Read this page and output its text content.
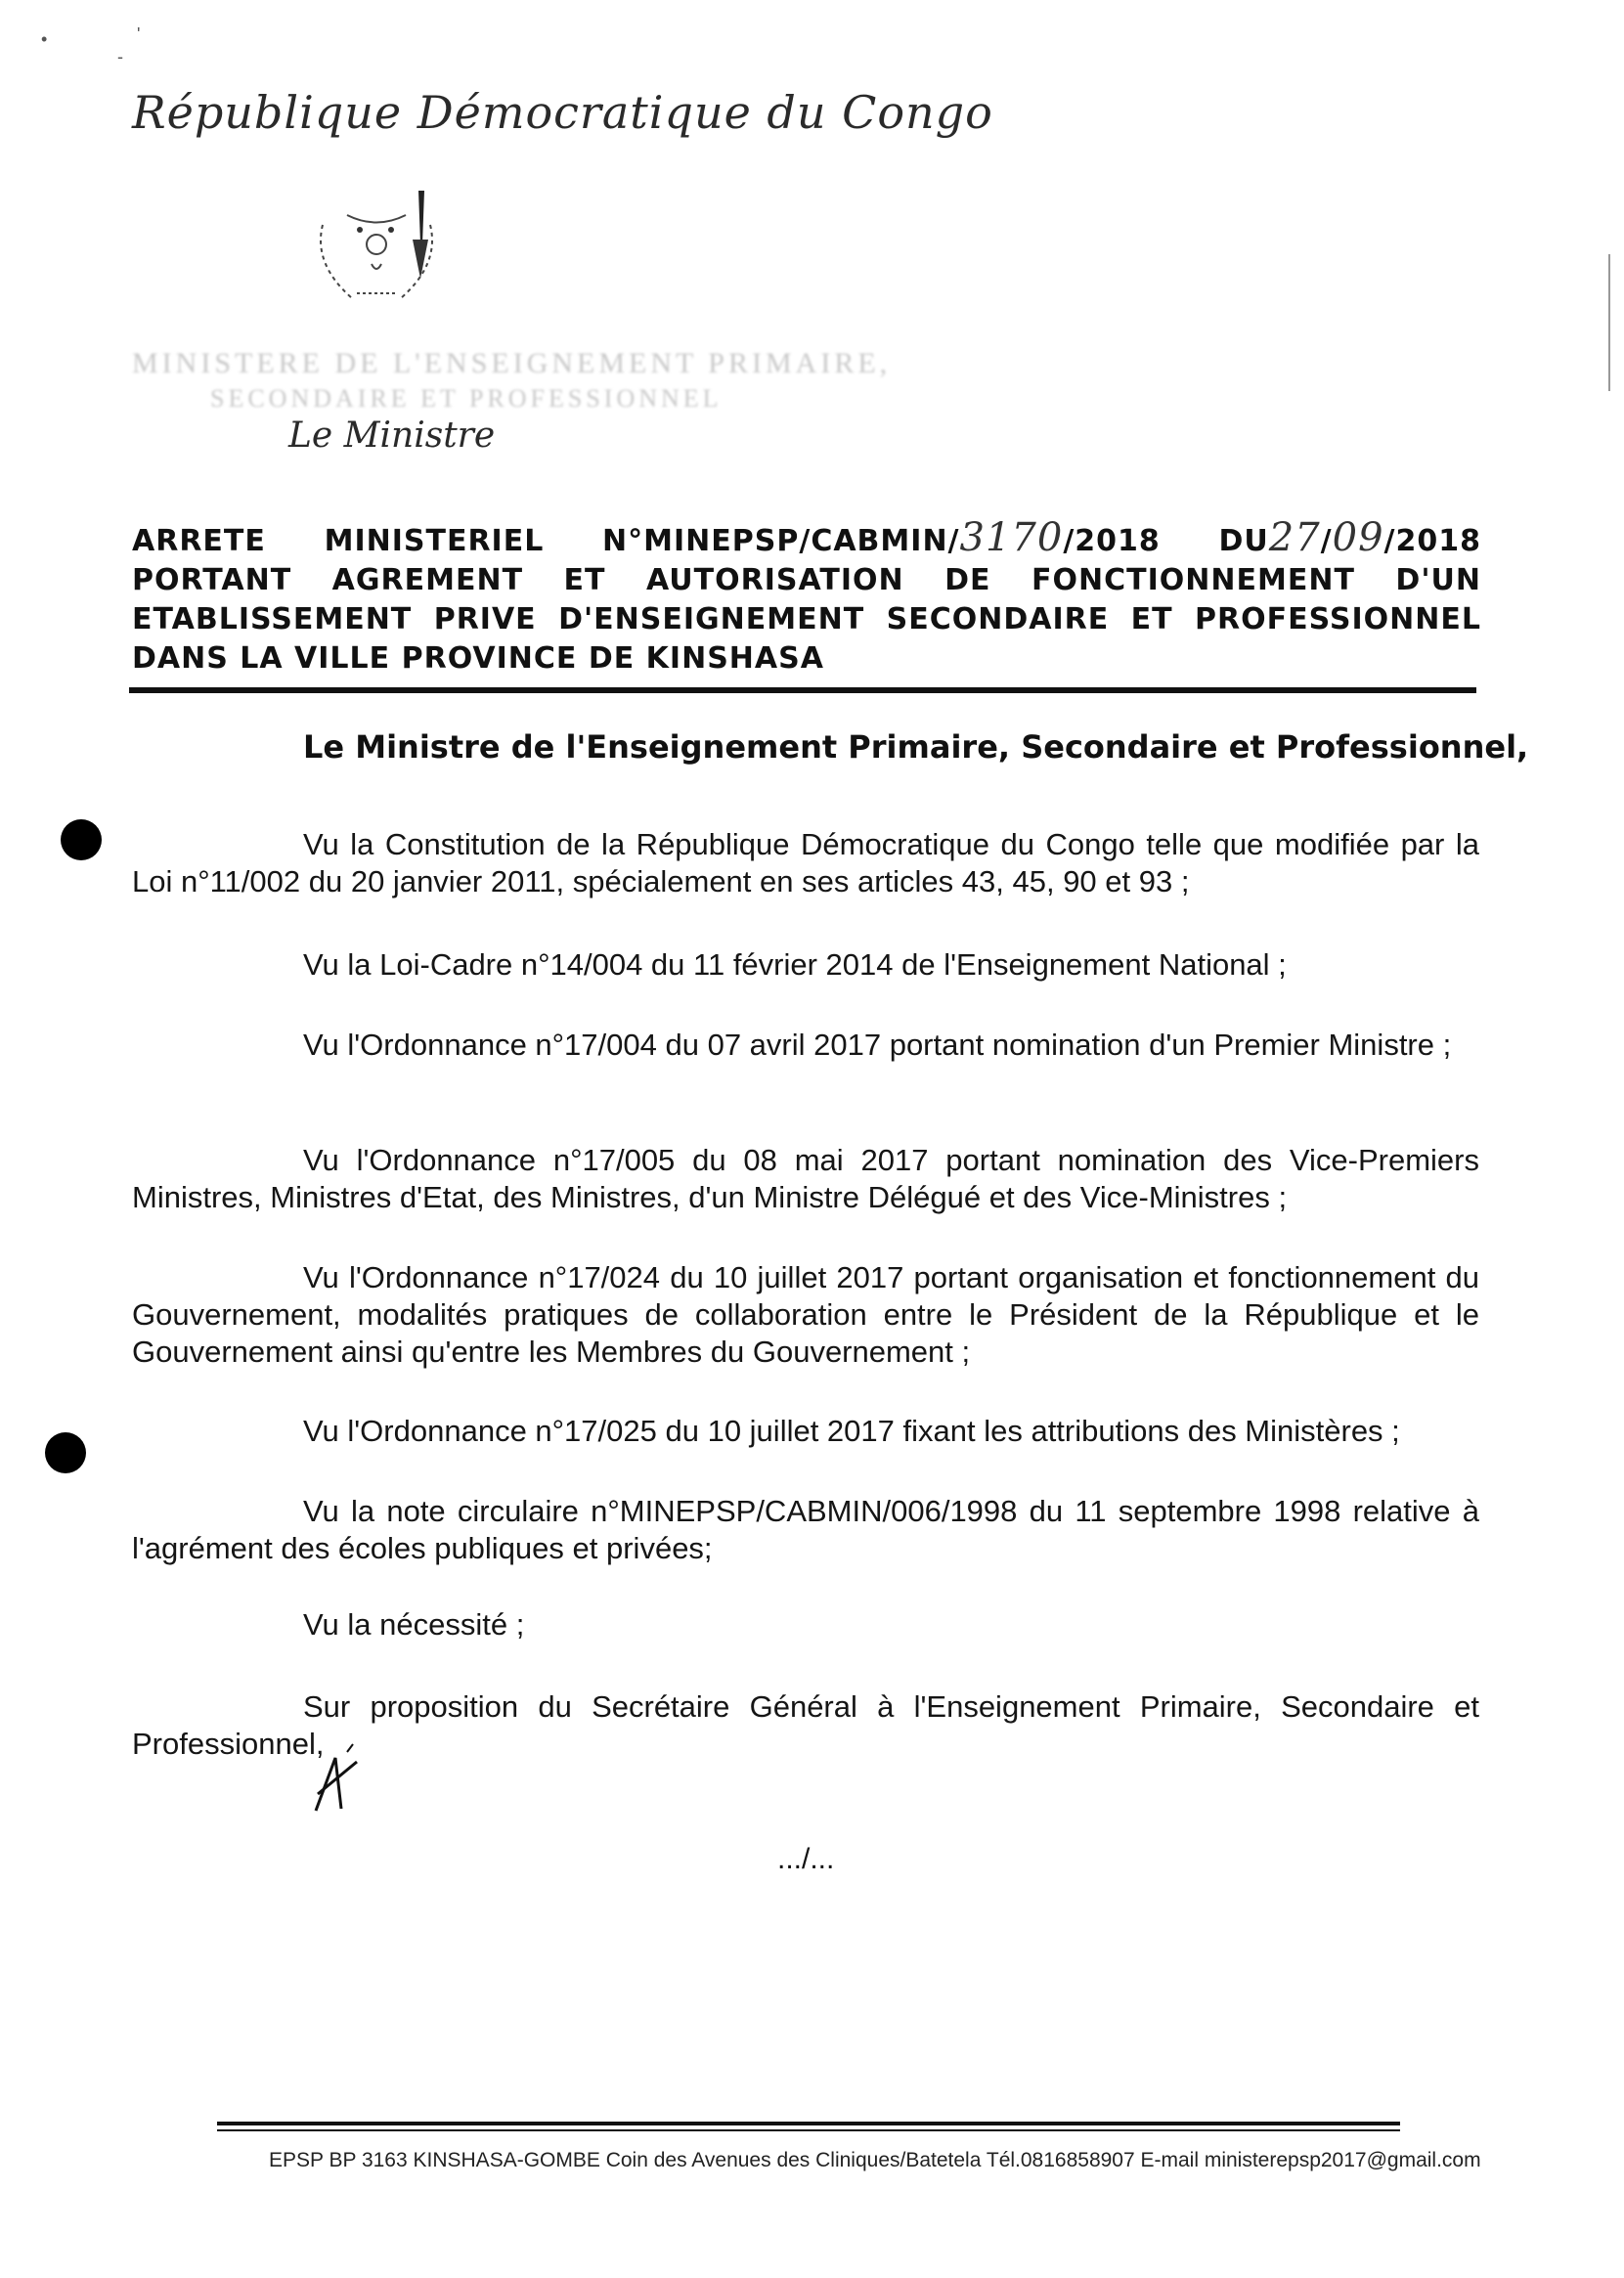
•	'
-
République Démocratique du Congo
MINISTERE DE L'ENSEIGNEMENT PRIMAIRE,
SECONDAIRE ET PROFESSIONNEL
Le Ministre
ARRETE MINISTERIEL N°MINEPSP/CABMIN/3170/2018 DU27/09/2018
PORTANT AGREMENT ET AUTORISATION DE FONCTIONNEMENT D'UN
ETABLISSEMENT PRIVE D'ENSEIGNEMENT SECONDAIRE ET PROFESSIONNEL
DANS LA VILLE PROVINCE DE KINSHASA
Le Ministre de l'Enseignement Primaire, Secondaire et Professionnel,
Vu la Constitution de la République Démocratique du Congo telle que modifiée par la Loi n°11/002 du 20 janvier 2011, spécialement en ses articles 43, 45, 90 et 93 ;
Vu la Loi-Cadre n°14/004 du 11 février 2014 de l'Enseignement National ;
Vu l'Ordonnance n°17/004 du 07 avril 2017 portant nomination d'un Premier Ministre ;
Vu l'Ordonnance n°17/005 du 08 mai 2017 portant nomination des Vice-Premiers Ministres, Ministres d'Etat, des Ministres, d'un Ministre Délégué et des Vice-Ministres ;
Vu l'Ordonnance n°17/024 du 10 juillet 2017 portant organisation et fonctionnement du Gouvernement, modalités pratiques de collaboration entre le Président de la République et le Gouvernement ainsi qu'entre les Membres du Gouvernement ;
Vu l'Ordonnance n°17/025 du 10 juillet 2017 fixant les attributions des Ministères ;
Vu la note circulaire n°MINEPSP/CABMIN/006/1998 du 11 septembre 1998 relative à l'agrément des écoles publiques et privées;
Vu la nécessité ;
Sur proposition du Secrétaire Général à l'Enseignement Primaire, Secondaire et Professionnel,
.../...
EPSP BP 3163 KINSHASA-GOMBE Coin des Avenues des Cliniques/Batetela Tél.0816858907 E-mail ministerepsp2017@gmail.com
